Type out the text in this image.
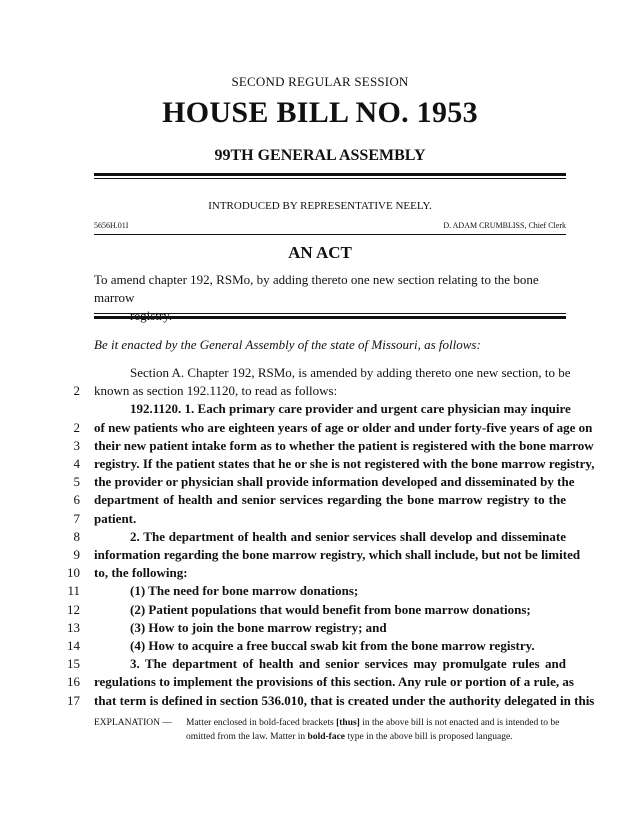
SECOND REGULAR SESSION
HOUSE BILL NO. 1953
99TH GENERAL ASSEMBLY
INTRODUCED BY REPRESENTATIVE NEELY.
5656H.01I	D. ADAM CRUMBLISS, Chief Clerk
AN ACT
To amend chapter 192, RSMo, by adding thereto one new section relating to the bone marrow
Be it enacted by the General Assembly of the state of Missouri, as follows:
Section A. Chapter 192, RSMo, is amended by adding thereto one new section, to be
2 known as section 192.1120, to read as follows:
192.1120. 1. Each primary care provider and urgent care physician may inquire
2 of new patients who are eighteen years of age or older and under forty-five years of age on
3 their new patient intake form as to whether the patient is registered with the bone marrow
4 registry. If the patient states that he or she is not registered with the bone marrow registry,
5 the provider or physician shall provide information developed and disseminated by the
6 department of health and senior services regarding the bone marrow registry to the
7 patient.
8	2. The department of health and senior services shall develop and disseminate
9 information regarding the bone marrow registry, which shall include, but not be limited
10 to, the following:
11	(1) The need for bone marrow donations;
12	(2) Patient populations that would benefit from bone marrow donations;
13	(3) How to join the bone marrow registry; and
14	(4) How to acquire a free buccal swab kit from the bone marrow registry.
15	3. The department of health and senior services may promulgate rules and
16 regulations to implement the provisions of this section. Any rule or portion of a rule, as
17 that term is defined in section 536.010, that is created under the authority delegated in this
EXPLANATION — Matter enclosed in bold-faced brackets [thus] in the above bill is not enacted and is intended to be omitted from the law. Matter in bold-face type in the above bill is proposed language.
